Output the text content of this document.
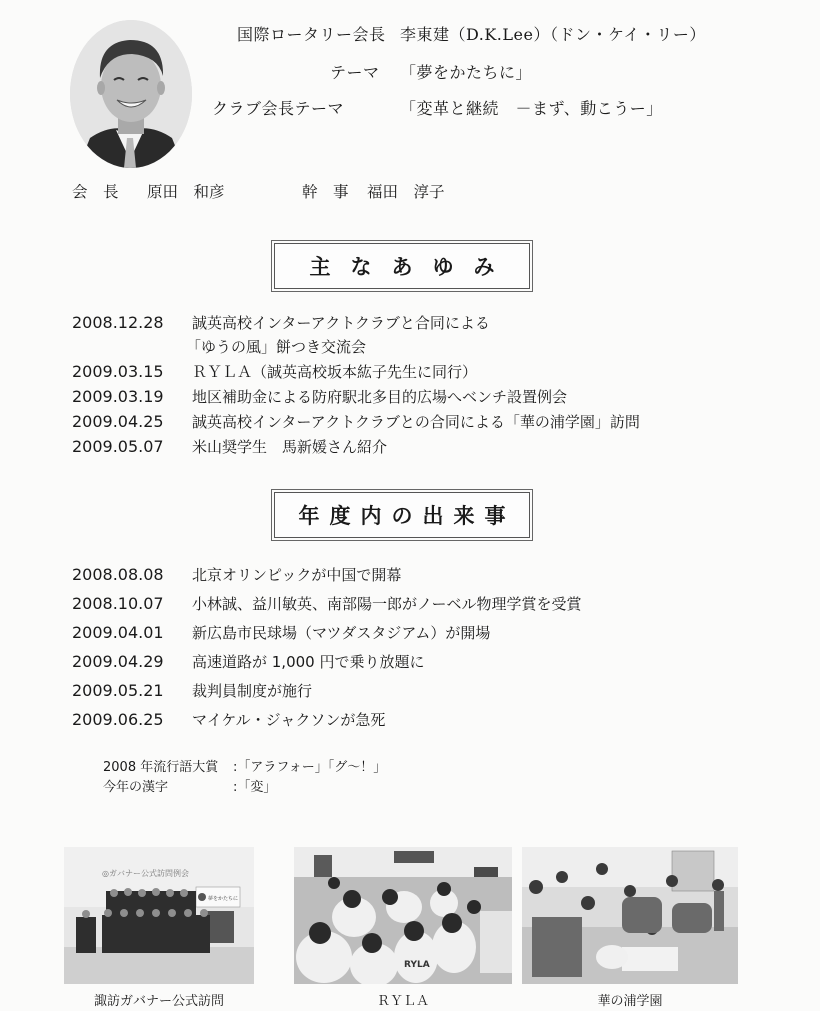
国際ロータリー会長 李東建（D.K.Lee）（ドン・ケイ・リー）
テーマ 「夢をかたちに」
クラブ会長テーマ	「変革と継続　－まず、動こうー」
会　長 原田　和彦	幹　事 福田　淳子
主なあゆみ
2008.12.28	誠英高校インターアクトクラブと合同による
「ゆうの風」餅つき交流会
2009.03.15	ＲＹＬＡ（誠英高校坂本紘子先生に同行）
2009.03.19	地区補助金による防府駅北多目的広場へベンチ設置例会
2009.04.25	誠英高校インターアクトクラブとの合同による「華の浦学園」訪問
2009.05.07	米山奨学生　馬新媛さん紹介
年度内の出来事
2008.08.08	北京オリンピックが中国で開幕
2008.10.07	小林誠、益川敏英、南部陽一郎がノーベル物理学賞を受賞
2009.04.01	新広島市民球場（マツダスタジアム）が開場
2009.04.29	高速道路が 1,000 円で乗り放題に
2009.05.21	裁判員制度が施行
2009.06.25	マイケル・ジャクソンが急死
2008 年流行語大賞 :「アラフォー」「グ～！」
今年の漢字	:「変」
◎ガバナー公式訪問例会
夢をかたちに
諏訪ガバナー公式訪問
RYLA
ＲＹＬＡ	華の浦学園
